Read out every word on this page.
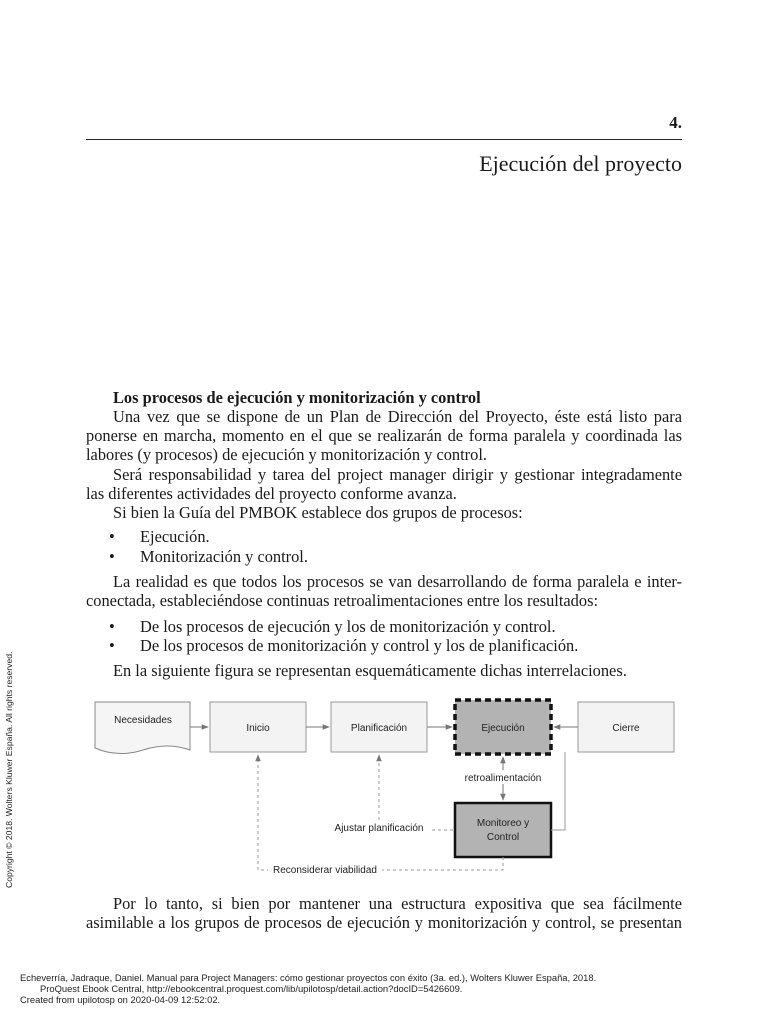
4.
Ejecución del proyecto
Los procesos de ejecución y monitorización y control
Una vez que se dispone de un Plan de Dirección del Proyecto, éste está listo para
ponerse en marcha, momento en el que se realizarán de forma paralela y coordinada las
labores (y procesos) de ejecución y monitorización y control.
Será responsabilidad y tarea del project manager dirigir y gestionar integradamente
las diferentes actividades del proyecto conforme avanza.
Si bien la Guía del PMBOK establece dos grupos de procesos:
• Ejecución.
• Monitorización y control.
La realidad es que todos los procesos se van desarrollando de forma paralela e inter-
conectada, estableciéndose continuas retroalimentaciones entre los resultados:
• De los procesos de ejecución y los de monitorización y control.
• De los procesos de monitorización y control y los de planificación.
En la siguiente figura se representan esquemáticamente dichas interrelaciones.
Necesidades
Inicio	Planificación	Ejecución	Cierre
Monitoreo y
Control
retroalimentación
Ajustar planificación
Reconsiderar viabilidad
Por lo tanto, si bien por mantener una estructura expositiva que sea fácilmente
asimilable a los grupos de procesos de ejecución y monitorización y control, se presentan
Copyright © 2018. Wolters Kluwer España. All rights reserved.
Echeverría, Jadraque, Daniel. Manual para Project Managers: cómo gestionar proyectos con éxito (3a. ed.), Wolters Kluwer España, 2018.
ProQuest Ebook Central, http://ebookcentral.proquest.com/lib/upilotosp/detail.action?docID=5426609.
Created from upilotosp on 2020-04-09 12:52:02.
